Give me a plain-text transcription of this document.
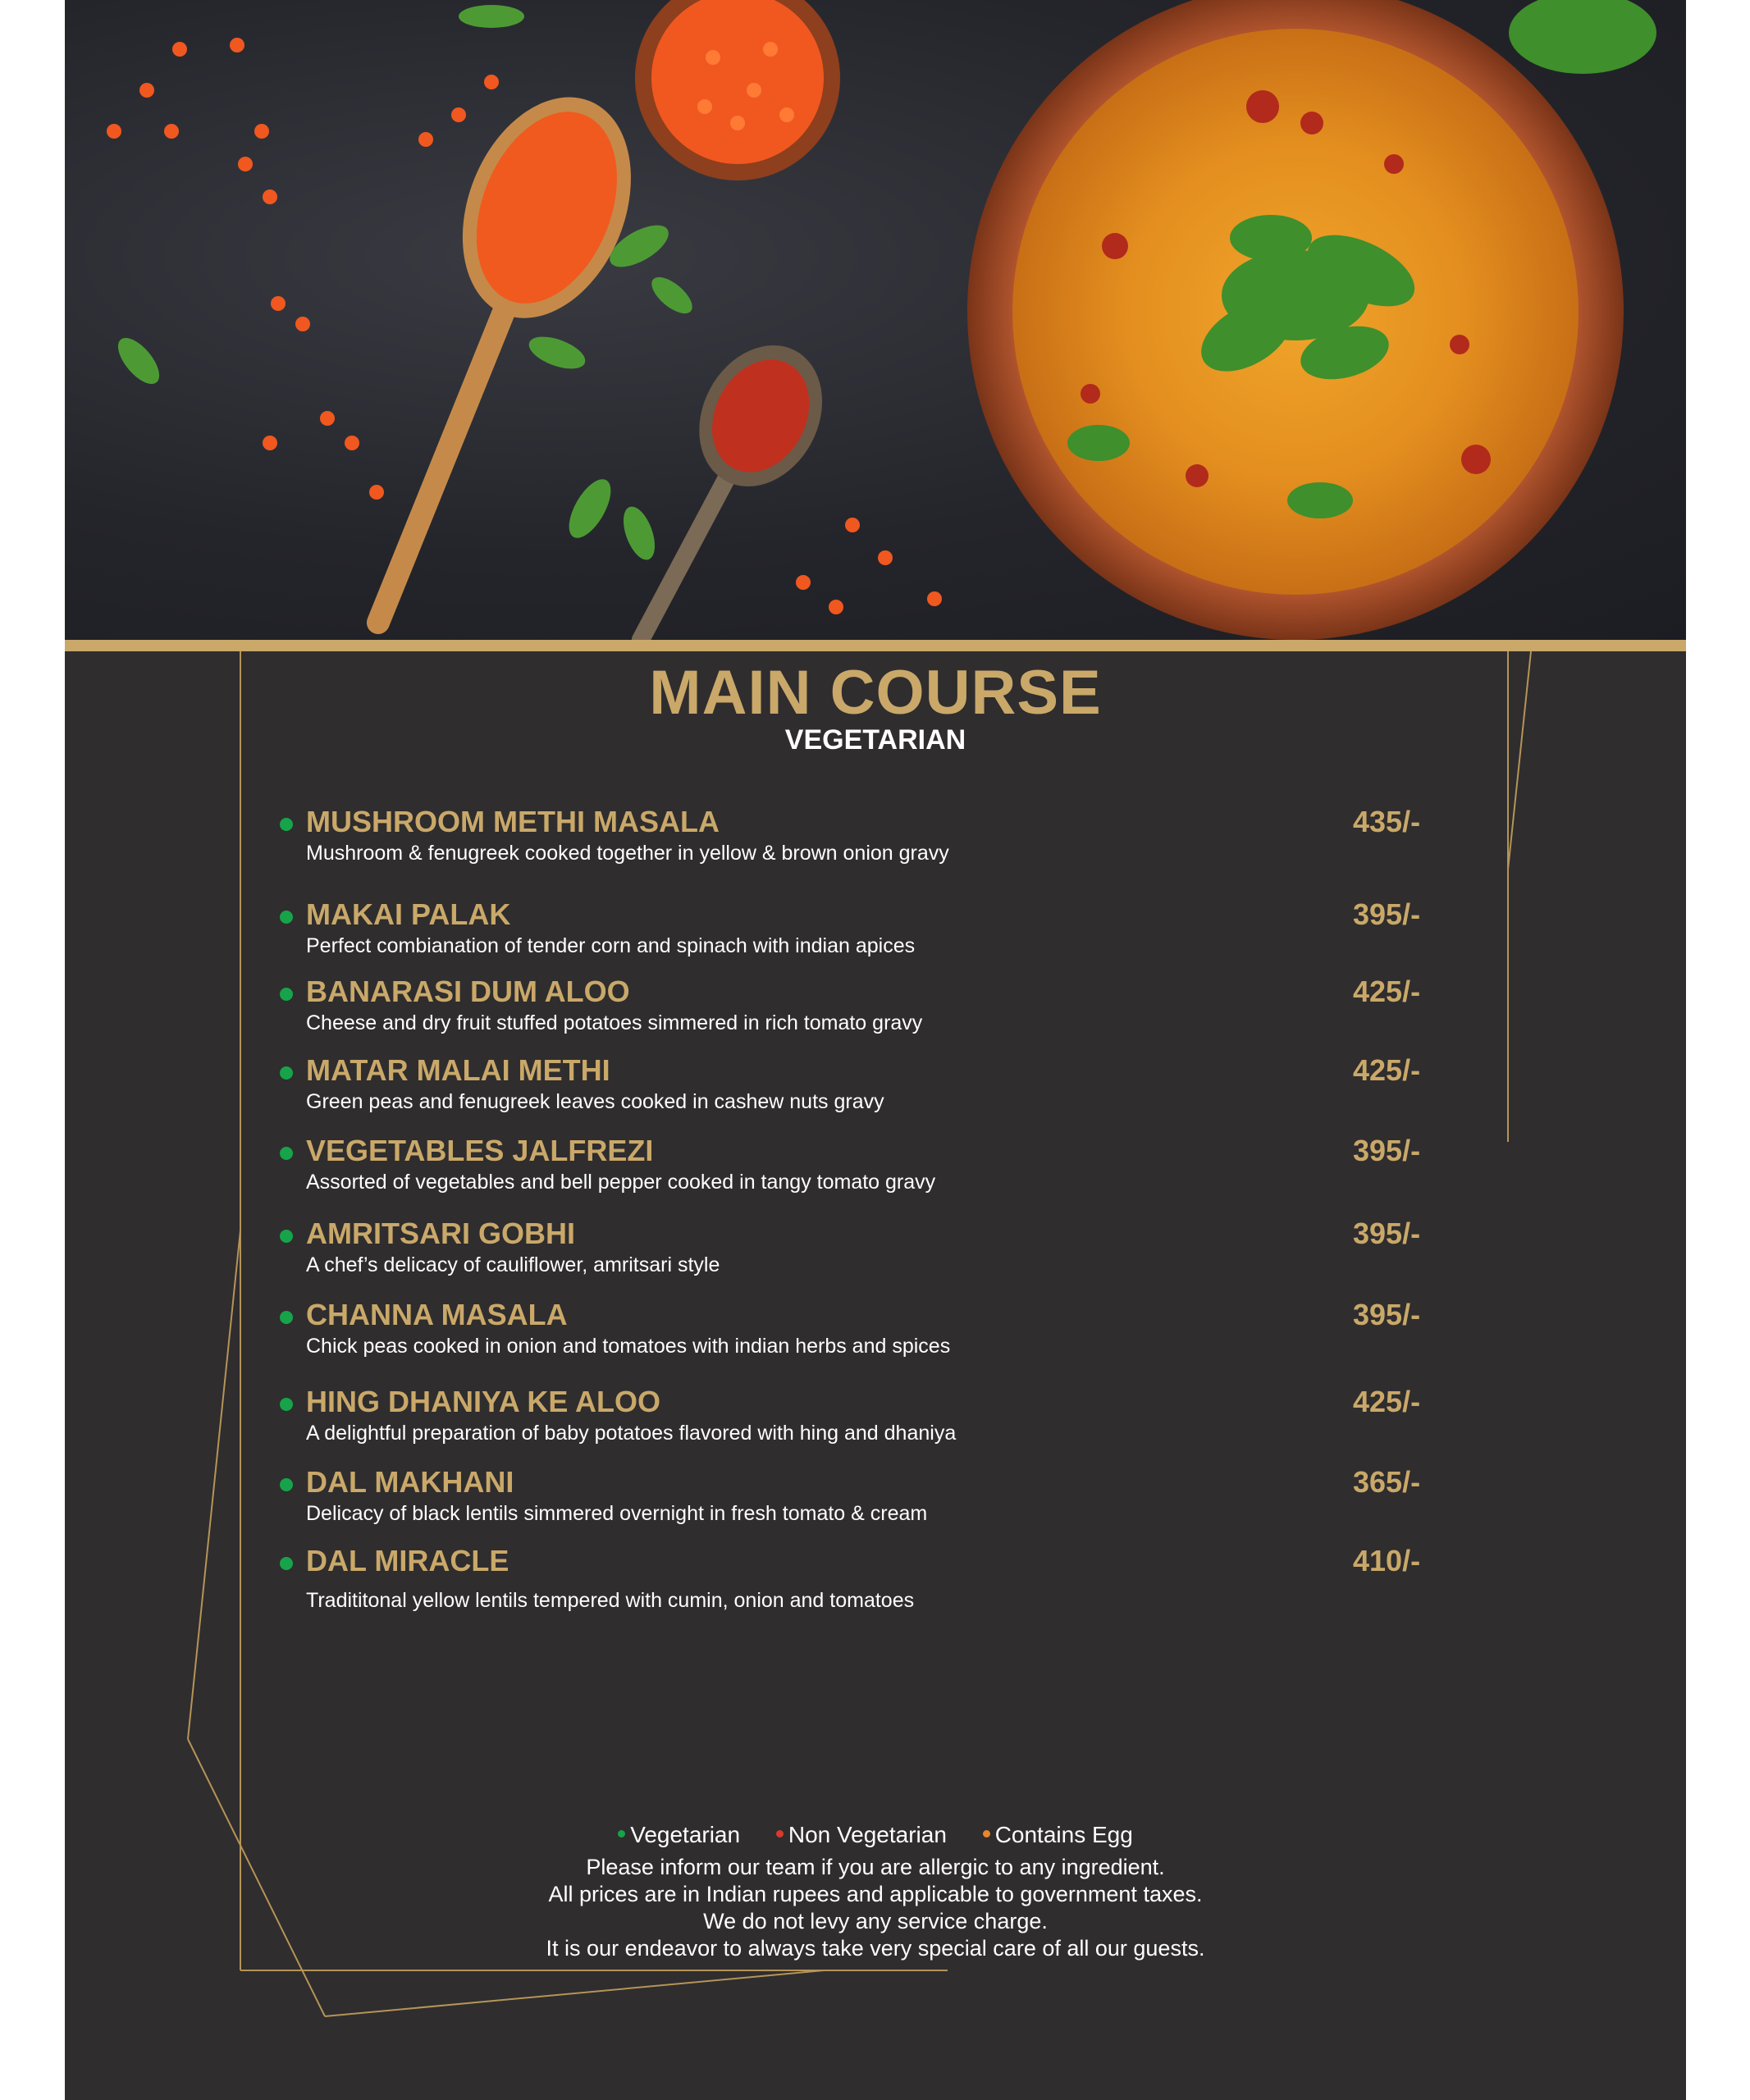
MAIN COURSE
VEGETARIAN
MUSHROOM METHI MASALA
Mushroom & fenugreek cooked together in yellow & brown onion gravy
435/-
MAKAI PALAK
Perfect combianation of tender corn and spinach with indian apices
395/-
BANARASI DUM ALOO
Cheese and dry fruit stuffed potatoes simmered in rich tomato gravy
425/-
MATAR MALAI METHI
Green peas and fenugreek leaves cooked in cashew nuts gravy
425/-
VEGETABLES JALFREZI
Assorted of vegetables and bell pepper cooked in tangy tomato gravy
395/-
AMRITSARI GOBHI
A chef’s delicacy of cauliflower, amritsari style
395/-
CHANNA MASALA
Chick peas cooked in onion and tomatoes with indian herbs and spices
395/-
HING DHANIYA KE ALOO
A delightful preparation of baby potatoes flavored with hing and dhaniya
425/-
DAL MAKHANI
Delicacy of black lentils simmered overnight in fresh tomato & cream
365/-
DAL MIRACLE
Tradititonal yellow lentils tempered with cumin, onion and tomatoes
410/-
Vegetarian Non Vegetarian Contains Egg
Please inform our team if you are allergic to any ingredient.
All prices are in Indian rupees and applicable to government taxes.
We do not levy any service charge.
It is our endeavor to always take very special care of all our guests.
